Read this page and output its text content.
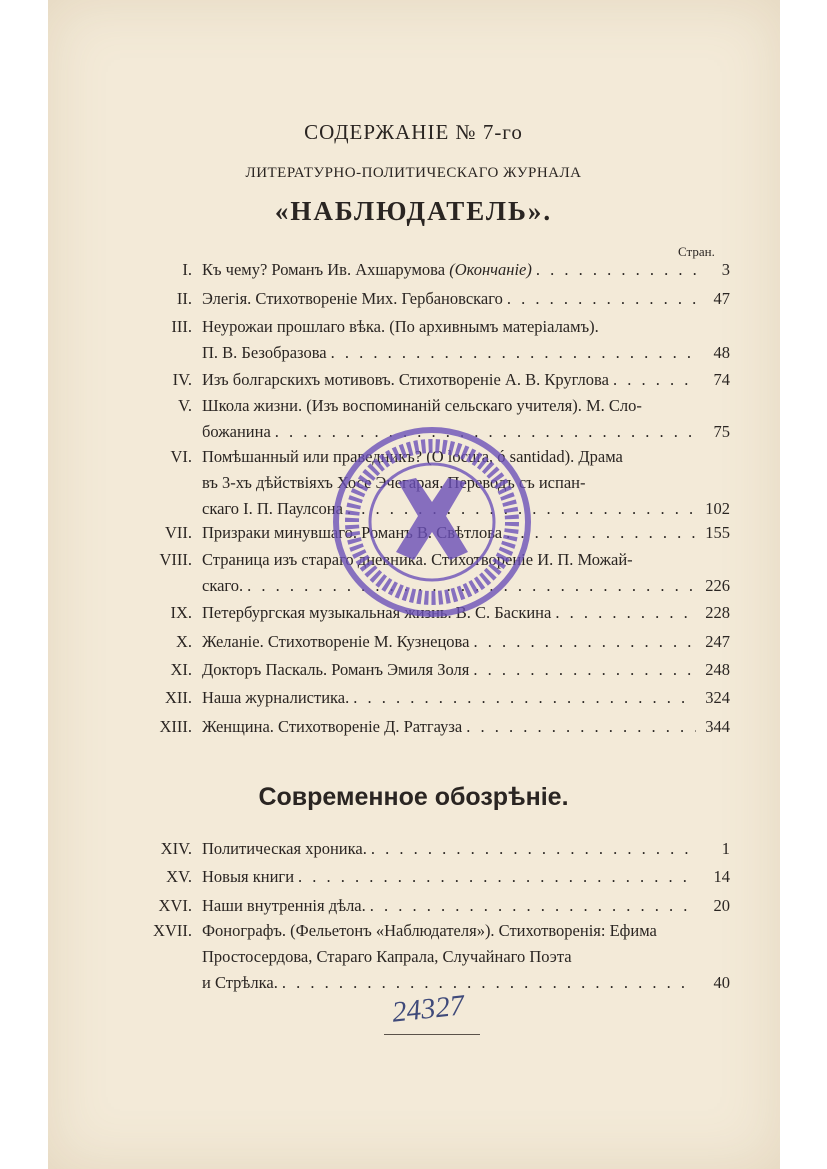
СОДЕРЖАНІЕ № 7-го
ЛИТЕРАТУРНО-ПОЛИТИЧЕСКАГО ЖУРНАЛА
«НАБЛЮДАТЕЛЬ».
Стран.
I. Къ чему? Романъ Ив. Ахшарумова (Окончаніе) . . .	3
II. Элегія. Стихотвореніе Мих. Гербановскаго . . .	47
III. Неурожаи прошлаго вѣка. (По архивнымъ матеріаламъ).
П. В. Безобразова . . .	48
IV. Изъ болгарскихъ мотивовъ. Стихотвореніе А. В. Круглова . . .	74
V. Школа жизни. (Изъ воспоминаній сельскаго учителя). М. Сло-
божанина . . .	75
VI. Помѣшанный или праведникъ? (O locura, ó santidad). Драма
въ 3-хъ дѣйствіяхъ Хосе Эчегарая. Переводъ съ испан-
скаго І. П. Паулсона . . .	102
VII. Призраки минувшаго. Романъ В. Свѣтлова . . .	155
VIII. Страница изъ стараго дневника. Стихотвореніе И. П. Можай-
скаго. . . .	226
IX. Петербургская музыкальная жизнь. В. С. Баскина . . .	228
X. Желаніе. Стихотвореніе М. Кузнецова . . .	247
XI. Докторъ Паскаль. Романъ Эмиля Золя . . .	248
XII. Наша журналистика. . . .	324
XIII. Женщина. Стихотвореніе Д. Ратгауза . . .	344
Современное обозрѣніе.
XIV. Политическая хроника. . . .	1
XV. Новыя книги . . .	14
XVI. Наши внутреннія дѣла. . . .	20
XVII. Фонографъ. (Фельетонъ «Наблюдателя»). Стихотворенія: Ефима
Простосердова, Стараго Капрала, Случайнаго Поэта
и Стрѣлка. . . .	40
24327
